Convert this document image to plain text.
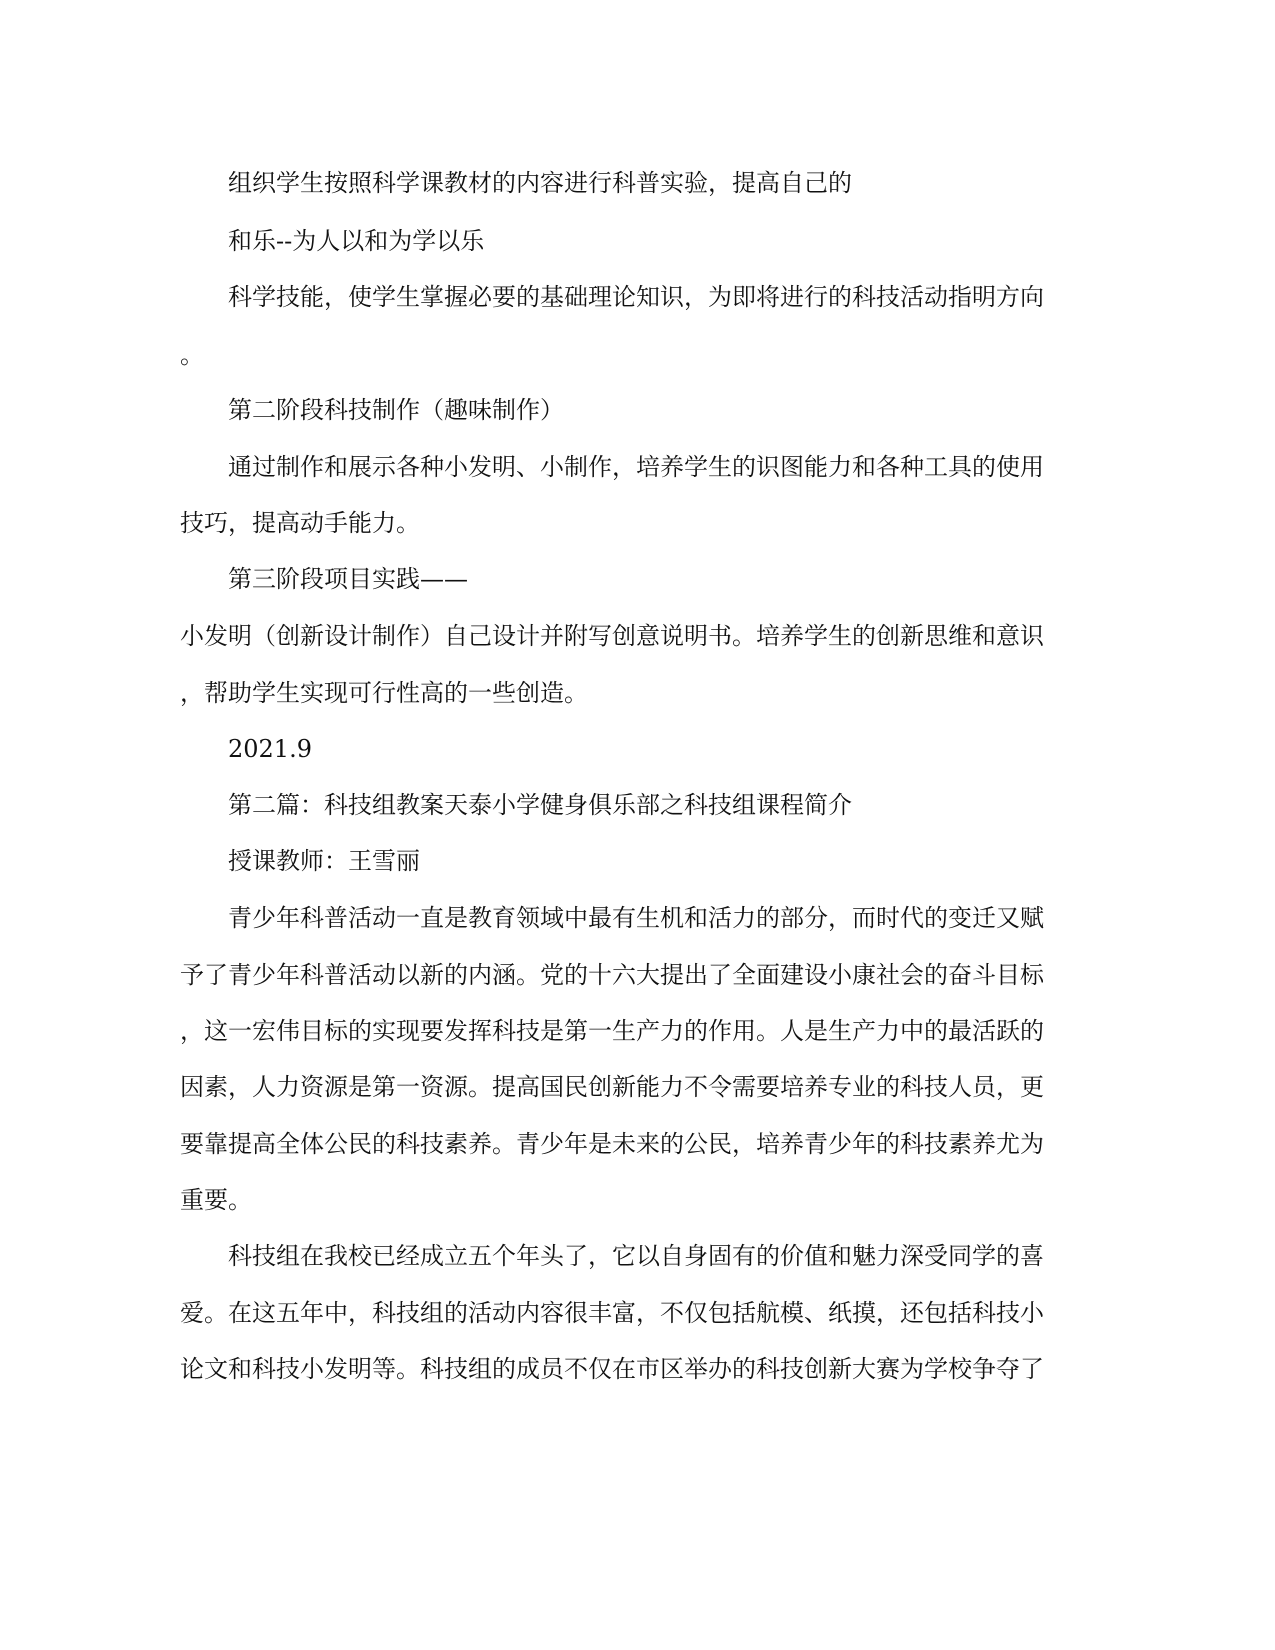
组织学生按照科学课教材的内容进行科普实验，提高自己的

和乐--为人以和为学以乐

科学技能，使学生掌握必要的基础理论知识，为即将进行的科技活动指明方向

。

第二阶段科技制作（趣味制作）

通过制作和展示各种小发明、小制作，培养学生的识图能力和各种工具的使用

技巧，提高动手能力。

第三阶段项目实践——

小发明（创新设计制作）自己设计并附写创意说明书。培养学生的创新思维和意识

，帮助学生实现可行性高的一些创造。

2021.9

第二篇：科技组教案天泰小学健身俱乐部之科技组课程简介

授课教师：王雪丽

青少年科普活动一直是教育领域中最有生机和活力的部分，而时代的变迁又赋

予了青少年科普活动以新的内涵。党的十六大提出了全面建设小康社会的奋斗目标

，这一宏伟目标的实现要发挥科技是第一生产力的作用。人是生产力中的最活跃的

因素，人力资源是第一资源。提高国民创新能力不令需要培养专业的科技人员，更

要靠提高全体公民的科技素养。青少年是未来的公民，培养青少年的科技素养尤为

重要。

科技组在我校已经成立五个年头了，它以自身固有的价值和魅力深受同学的喜

爱。在这五年中，科技组的活动内容很丰富，不仅包括航模、纸摸，还包括科技小

论文和科技小发明等。科技组的成员不仅在市区举办的科技创新大赛为学校争夺了
